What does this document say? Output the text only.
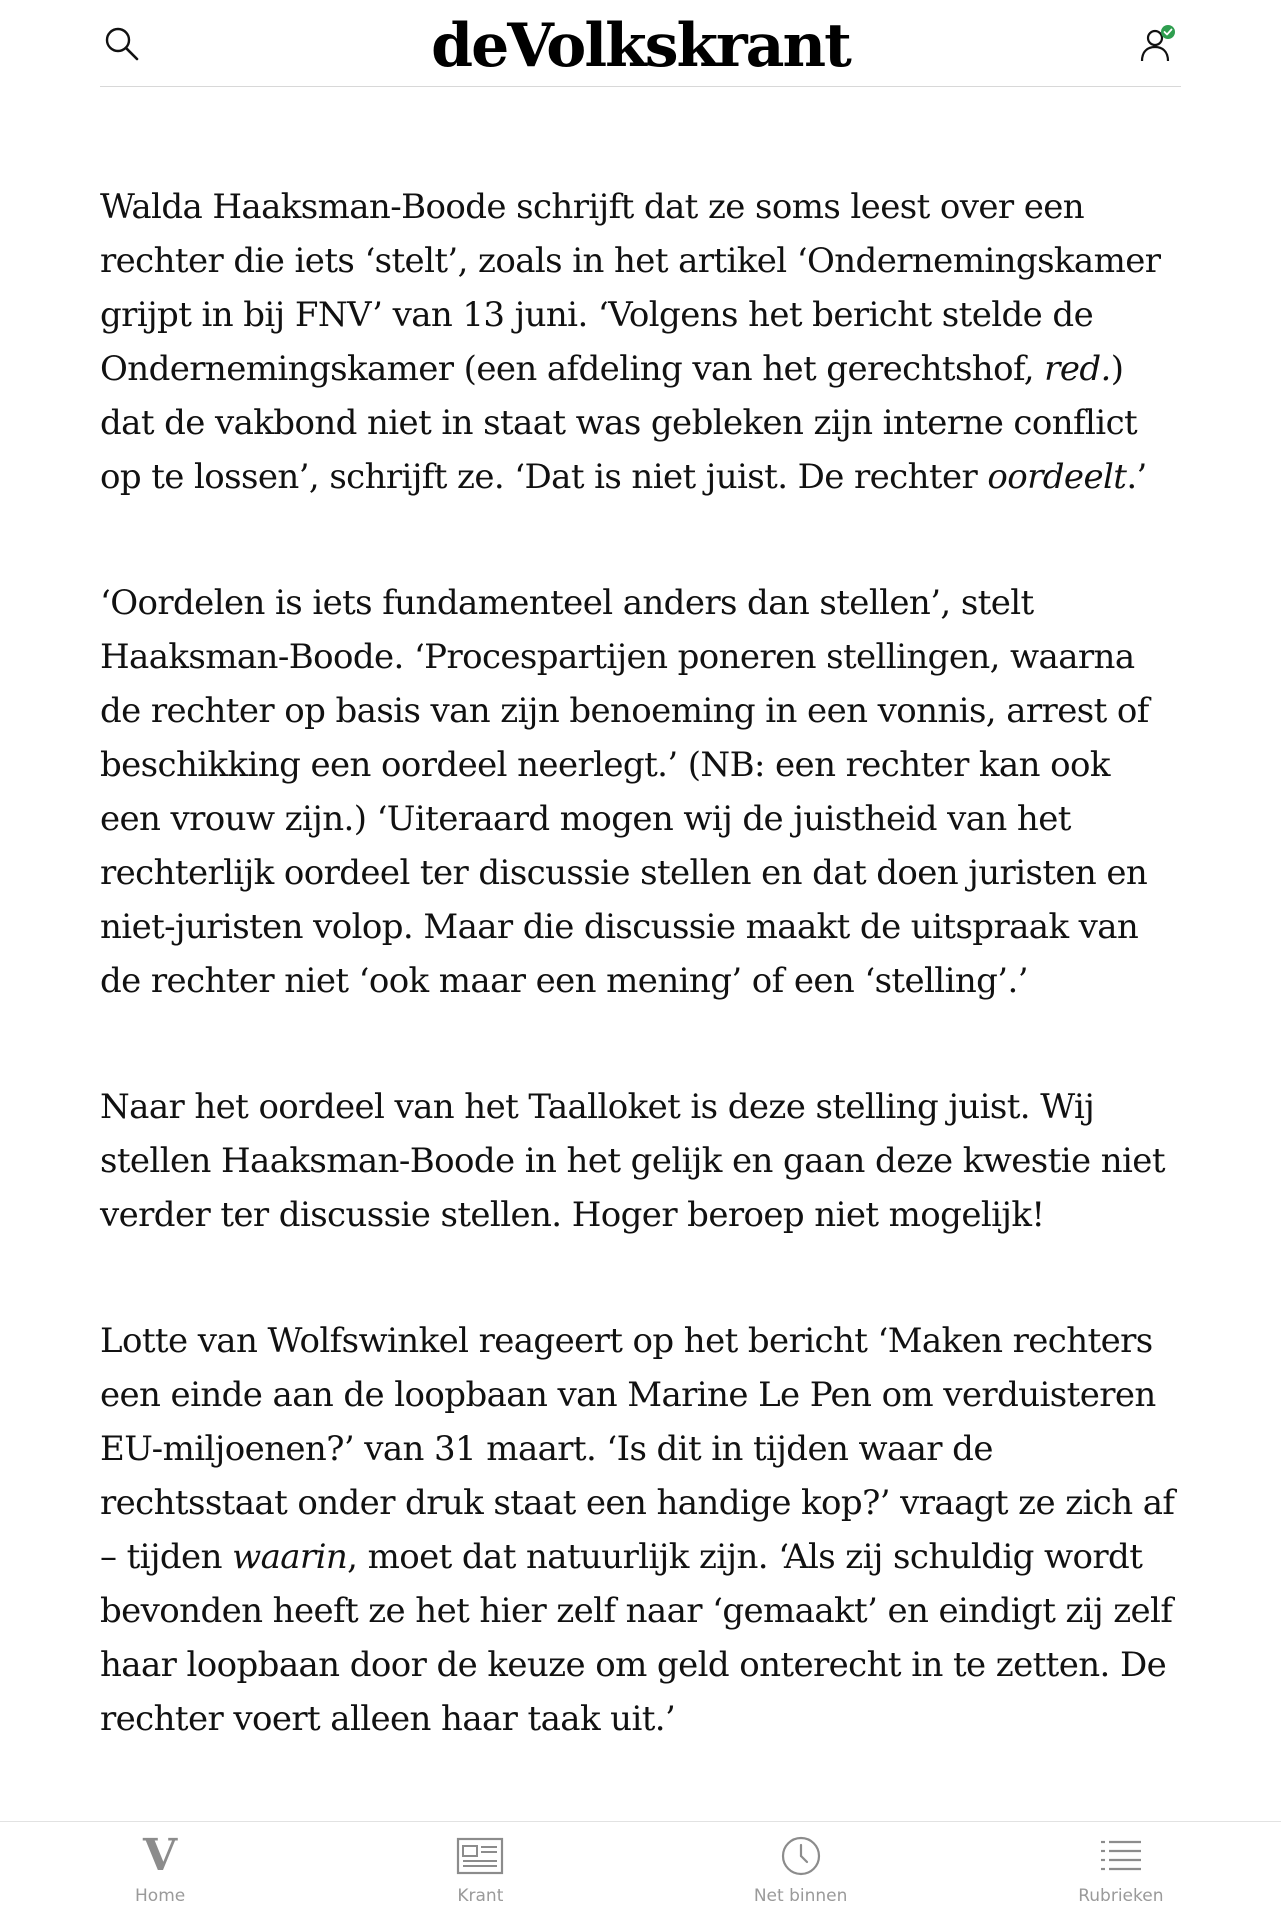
deVolkskrant

Walda Haaksman-Boode schrijft dat ze soms leest over een rechter die iets ‘stelt’, zoals in het artikel ‘Ondernemingskamer grijpt in bij FNV’ van 13 juni. ‘Volgens het bericht stelde de Ondernemingskamer (een afdeling van het gerechtshof, red.) dat de vakbond niet in staat was gebleken zijn interne conflict op te lossen’, schrijft ze. ‘Dat is niet juist. De rechter oordeelt.’

‘Oordelen is iets fundamenteel anders dan stellen’, stelt Haaksman-Boode. ‘Procespartijen poneren stellingen, waarna de rechter op basis van zijn benoeming in een vonnis, arrest of beschikking een oordeel neerlegt.’ (NB: een rechter kan ook een vrouw zijn.) ‘Uiteraard mogen wij de juistheid van het rechterlijk oordeel ter discussie stellen en dat doen juristen en niet-juristen volop. Maar die discussie maakt de uitspraak van de rechter niet ‘ook maar een mening’ of een ‘stelling’.’

Naar het oordeel van het Taalloket is deze stelling juist. Wij stellen Haaksman-Boode in het gelijk en gaan deze kwestie niet verder ter discussie stellen. Hoger beroep niet mogelijk!

Lotte van Wolfswinkel reageert op het bericht ‘Maken rechters een einde aan de loopbaan van Marine Le Pen om verduisteren EU-miljoenen?’ van 31 maart. ‘Is dit in tijden waar de rechtsstaat onder druk staat een handige kop?’ vraagt ze zich af – tijden waarin, moet dat natuurlijk zijn. ‘Als zij schuldig wordt bevonden heeft ze het hier zelf naar ‘gemaakt’ en eindigt zij zelf haar loopbaan door de keuze om geld onterecht in te zetten. De rechter voert alleen haar taak uit.’

V
Home	Krant	Net binnen	Rubrieken
